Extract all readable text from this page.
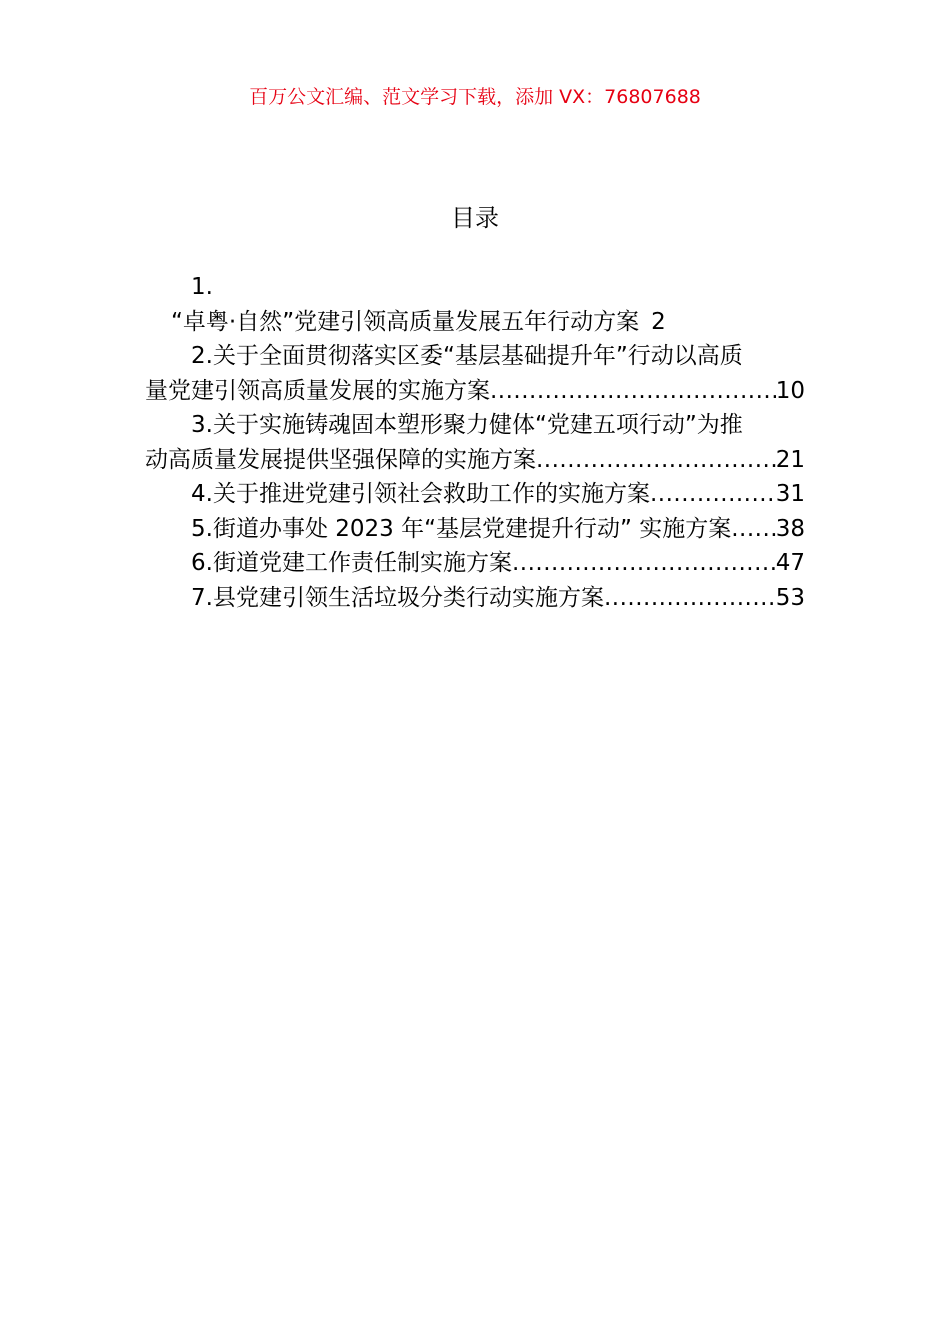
百万公文汇编、范文学习下载，添加 VX：76807688
目录
1.
“卓粤·自然”党建引领高质量发展五年行动方案 2
2.关于全面贯彻落实区委“基层基础提升年”行动以高质
量党建引领高质量发展的实施方案 .....	10
3.关于实施铸魂固本塑形聚力健体“党建五项行动”为推
动高质量发展提供坚强保障的实施方案 .....	21
4.关于推进党建引领社会救助工作的实施方案 .....	31
5.街道办事处 2023 年“基层党建提升行动” 实施方案 ..... 38
6.街道党建工作责任制实施方案 .....	47
7.县党建引领生活垃圾分类行动实施方案 .....	53
